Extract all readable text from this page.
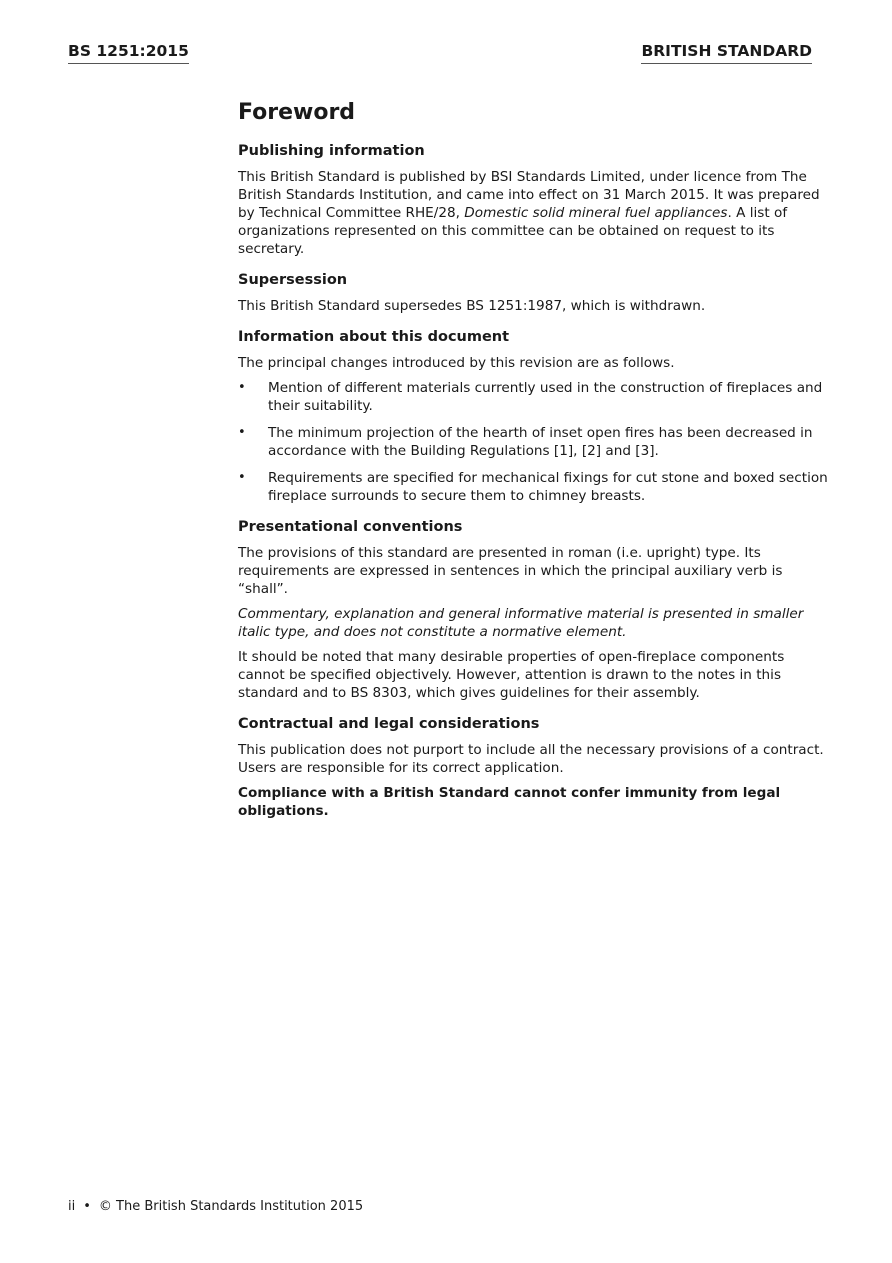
BS 1251:2015	BRITISH STANDARD
Foreword
Publishing information

This British Standard is published by BSI Standards Limited, under licence from The British Standards Institution, and came into effect on 31 March 2015. It was prepared by Technical Committee RHE/28, Domestic solid mineral fuel appliances. A list of organizations represented on this committee can be obtained on request to its secretary.

Supersession

This British Standard supersedes BS 1251:1987, which is withdrawn.

Information about this document

The principal changes introduced by this revision are as follows.

• Mention of different materials currently used in the construction of fireplaces and their suitability.
• The minimum projection of the hearth of inset open fires has been decreased in accordance with the Building Regulations [1], [2] and [3].
• Requirements are specified for mechanical fixings for cut stone and boxed section fireplace surrounds to secure them to chimney breasts.
Presentational conventions

The provisions of this standard are presented in roman (i.e. upright) type. Its requirements are expressed in sentences in which the principal auxiliary verb is “shall”.

Commentary, explanation and general informative material is presented in smaller italic type, and does not constitute a normative element.

It should be noted that many desirable properties of open-fireplace components cannot be specified objectively. However, attention is drawn to the notes in this standard and to BS 8303, which gives guidelines for their assembly.

Contractual and legal considerations

This publication does not purport to include all the necessary provisions of a contract. Users are responsible for its correct application.

Compliance with a British Standard cannot confer immunity from legal obligations.

ii • © The British Standards Institution 2015
